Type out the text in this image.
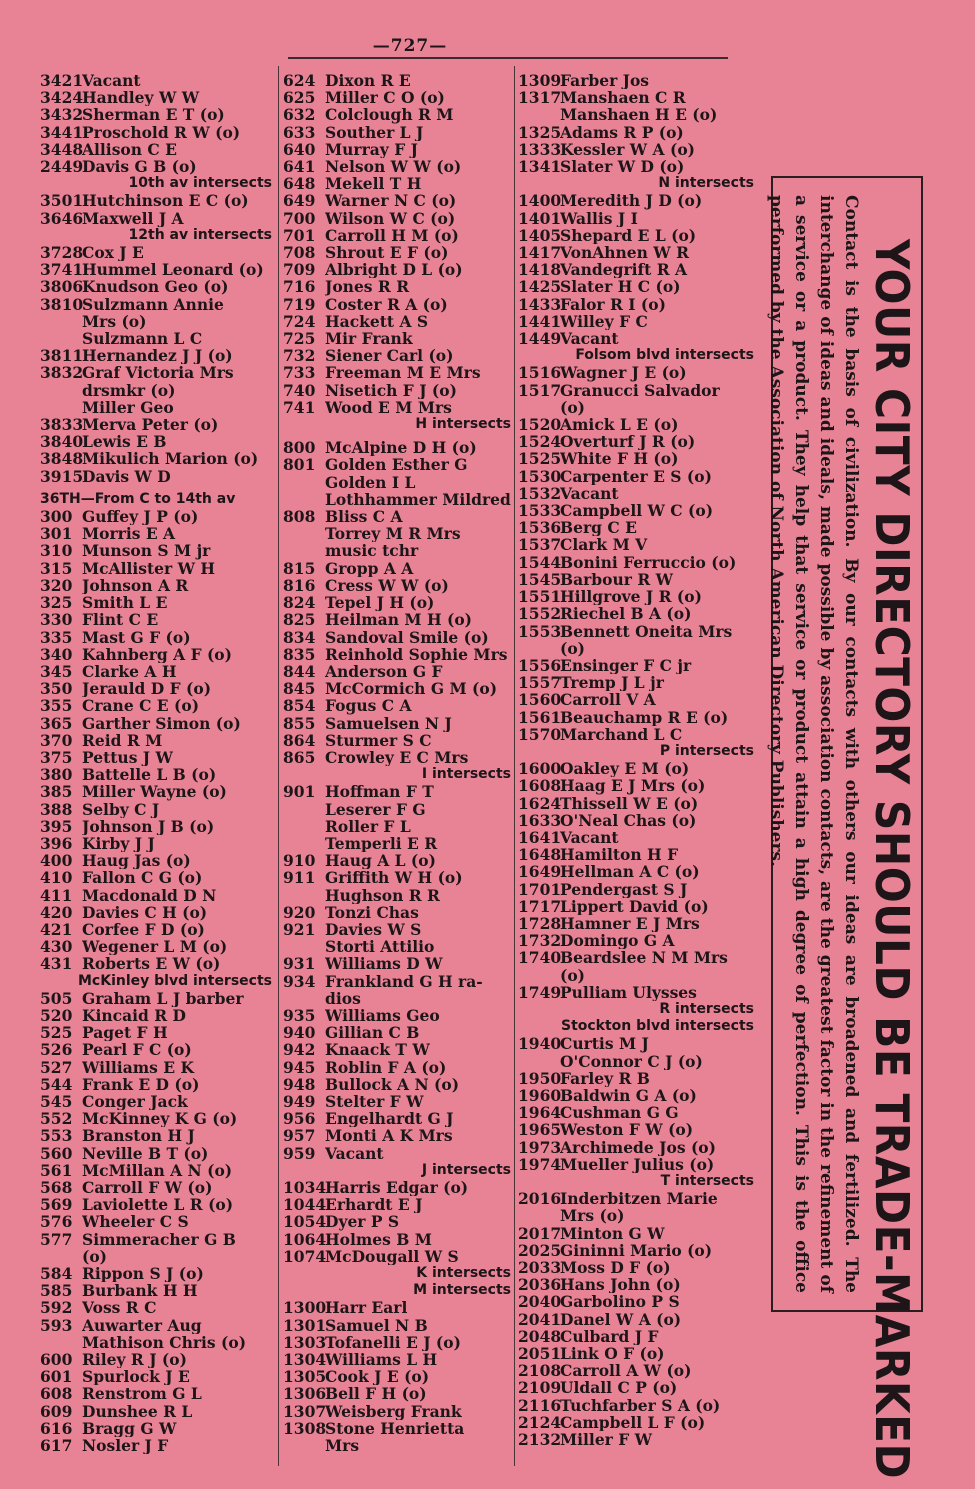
—727—
3421
Vacant
3424
Handley W W
3432
Sherman E T (o)
3441
Proschold R W (o)
3448
Allison C E
2449
Davis G B (o)
10th av intersects
3501
Hutchinson E C (o)
3646
Maxwell J A
12th av intersects
3728
Cox J E
3741
Hummel Leonard (o)
3806
Knudson Geo (o)
3810
Sulzmann Annie
Mrs (o)
Sulzmann L C
3811
Hernandez J J (o)
3832
Graf Victoria Mrs
drsmkr (o)
Miller Geo
3833
Merva Peter (o)
3840
Lewis E B
3848
Mikulich Marion (o)
3915
Davis W D
36TH—From C to 14th av
300 Guffey J P (o)
301 Morris E A
310 Munson S M jr
315 McAllister W H
320 Johnson A R
325 Smith L E
330 Flint C E
335 Mast G F (o)
340 Kahnberg A F (o)
345 Clarke A H
350 Jerauld D F (o)
355 Crane C E (o)
365 Garther Simon (o)
370 Reid R M
375 Pettus J W
380 Battelle L B (o)
385 Miller Wayne (o)
388 Selby C J
395 Johnson J B (o)
396 Kirby J J
400 Haug Jas (o)
410 Fallon C G (o)
411 Macdonald D N
420 Davies C H (o)
421 Corfee F D (o)
430 Wegener L M (o)
431 Roberts E W (o)
McKinley blvd intersects
505 Graham L J barber
520 Kincaid R D
525 Paget F H
526 Pearl F C (o)
527 Williams E K
544 Frank E D (o)
545 Conger Jack
552 McKinney K G (o)
553 Branston H J
560 Neville B T (o)
561 McMillan A N (o)
568 Carroll F W (o)
569 Laviolette L R (o)
576 Wheeler C S
577 Simmeracher G B
(o)
584 Rippon S J (o)
585 Burbank H H
592 Voss R C
593 Auwarter Aug
Mathison Chris (o)
600 Riley R J (o)
601 Spurlock J E
608 Renstrom G L
609 Dunshee R L
616 Bragg G W
617 Nosler J F
624 Dixon R E
625 Miller C O (o)
632 Colclough R M
633 Souther L J
640 Murray F J
641 Nelson W W (o)
648 Mekell T H
649 Warner N C (o)
700 Wilson W C (o)
701 Carroll H M (o)
708 Shrout E F (o)
709 Albright D L (o)
716 Jones R R
719 Coster R A (o)
724 Hackett A S
725 Mir Frank
732 Siener Carl (o)
733 Freeman M E Mrs
740 Nisetich F J (o)
741 Wood E M Mrs
H intersects
800 McAlpine D H (o)
801 Golden Esther G
Golden I L
Lothhammer Mildred
808 Bliss C A
Torrey M R Mrs
music tchr
815 Gropp A A
816 Cress W W (o)
824 Tepel J H (o)
825 Heilman M H (o)
834 Sandoval Smile (o)
835 Reinhold Sophie Mrs
844 Anderson G F
845 McCormich G M (o)
854 Fogus C A
855 Samuelsen N J
864 Sturmer S C
865 Crowley E C Mrs
I intersects
901 Hoffman F T
Leserer F G
Roller F L
Temperli E R
910 Haug A L (o)
911 Griffith W H (o)
Hughson R R
920 Tonzi Chas
921 Davies W S
Storti Attilio
931 Williams D W
934 Frankland G H ra-
dios
935 Williams Geo
940 Gillian C B
942 Knaack T W
945 Roblin F A (o)
948 Bullock A N (o)
949 Stelter F W
956 Engelhardt G J
957 Monti A K Mrs
959 Vacant
J intersects
1034
Harris Edgar (o)
1044
Erhardt E J
1054
Dyer P S
1064
Holmes B M
1074
McDougall W S
K intersects
M intersects
1300
Harr Earl
1301
Samuel N B
1303
Tofanelli E J (o)
1304
Williams L H
1305
Cook J E (o)
1306
Bell F H (o)
1307
Weisberg Frank
1308
Stone Henrietta
Mrs
1309
Farber Jos
1317
Manshaen C R
Manshaen H E (o)
1325
Adams R P (o)
1333
Kessler W A (o)
1341
Slater W D (o)
N intersects
1400
Meredith J D (o)
1401
Wallis J I
1405
Shepard E L (o)
1417
VonAhnen W R
1418
Vandegrift R A
1425
Slater H C (o)
1433
Falor R I (o)
1441
Willey F C
1449
Vacant
Folsom blvd intersects
1516
Wagner J E (o)
1517
Granucci Salvador
(o)
1520
Amick L E (o)
1524
Overturf J R (o)
1525
White F H (o)
1530
Carpenter E S (o)
1532
Vacant
1533
Campbell W C (o)
1536
Berg C E
1537
Clark M V
1544
Bonini Ferruccio (o)
1545
Barbour R W
1551
Hillgrove J R (o)
1552
Riechel B A (o)
1553
Bennett Oneita Mrs
(o)
1556
Ensinger F C jr
1557
Tremp J L jr
1560
Carroll V A
1561
Beauchamp R E (o)
1570
Marchand L C
P intersects
1600
Oakley E M (o)
1608
Haag E J Mrs (o)
1624
Thissell W E (o)
1633
O'Neal Chas (o)
1641
Vacant
1648
Hamilton H F
1649
Hellman A C (o)
1701
Pendergast S J
1717
Lippert David (o)
1728
Hamner E J Mrs
1732
Domingo G A
1740
Beardslee N M Mrs
(o)
1749
Pulliam Ulysses
R intersects
Stockton blvd intersects
1940
Curtis M J
O'Connor C J (o)
1950
Farley R B
1960
Baldwin G A (o)
1964
Cushman G G
1965
Weston F W (o)
1973
Archimede Jos (o)
1974
Mueller Julius (o)
T intersects
2016
Inderbitzen Marie
Mrs (o)
2017
Minton G W
2025
Gininni Mario (o)
2033
Moss D F (o)
2036
Hans John (o)
2040
Garbolino P S
2041
Danel W A (o)
2048
Culbard J F
2051
Link O F (o)
2108
Carroll A W (o)
2109
Uldall C P (o)
2116
Tuchfarber S A (o)
2124
Campbell L F (o)
2132
Miller F W	YOUR CITY DIRECTORY SHOULD BE TRADE-MARKED
Contact is the basis of civilization. By our contacts with others our ideas are broadened and fertilized. The interchange of ideas and ideals, made possible by association contacts, are the greatest factor in the refinement of a service or a product. They help that service or product attain a high degree of perfection. This is the office performed by the Association of North American Directory Publishers.
